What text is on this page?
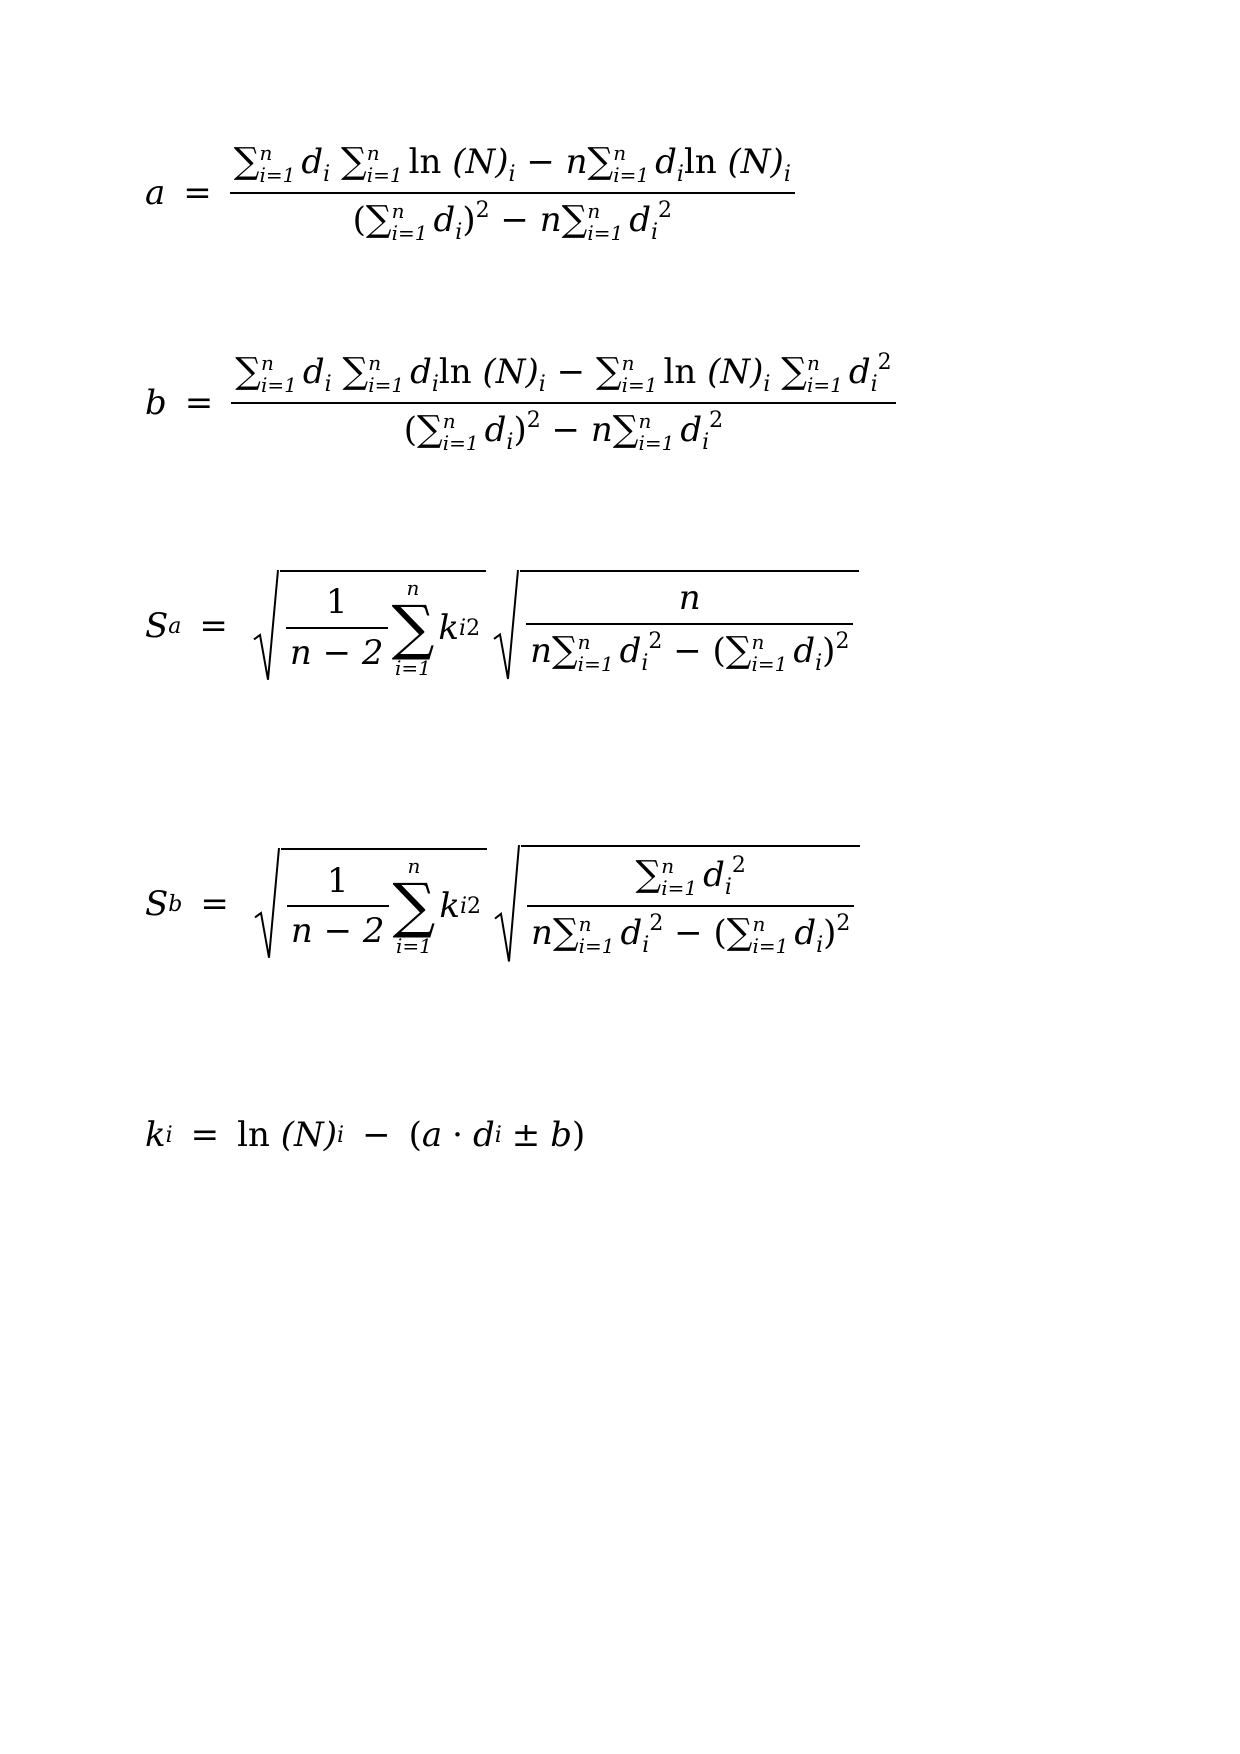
a =
∑ n
i=1 $d_i$ ∑ n
i=1 $\ln (N)_i - n\sum$ n
i=1 $d_i\ln$ $(N)_i$
(∑ n
i=1 $d_i)^2 - n\sum$ n
i=1 $d_i^2$
b =
∑ n
i=1 $d_i$ ∑ n
i=1 $d_i\ln$ $(N)_i$ − ∑ n
i=1 $\ln (N)_i$ ∑ n
i=1 $d_i^2$
(∑ n
i=1 $d_i)^2 - n\sum$ n
i=1 $d_i^2$
S $a = \frac{1}{n - 2}$ n
∑
i=1
k i 2 n
n∑ n
i=1 $d_i^2$ − (∑ n
i=1 $d_i)^2$
S $b = \frac{1}{n - 2}$ n
∑
i=1
k i 2 ∑ n
i=1 $d_i^2$
n∑ n
i=1 $d_i^2$ − (∑ n
i=1 $d_i)^2$
k i = ln
(N) i − ( a · d i ± b )
